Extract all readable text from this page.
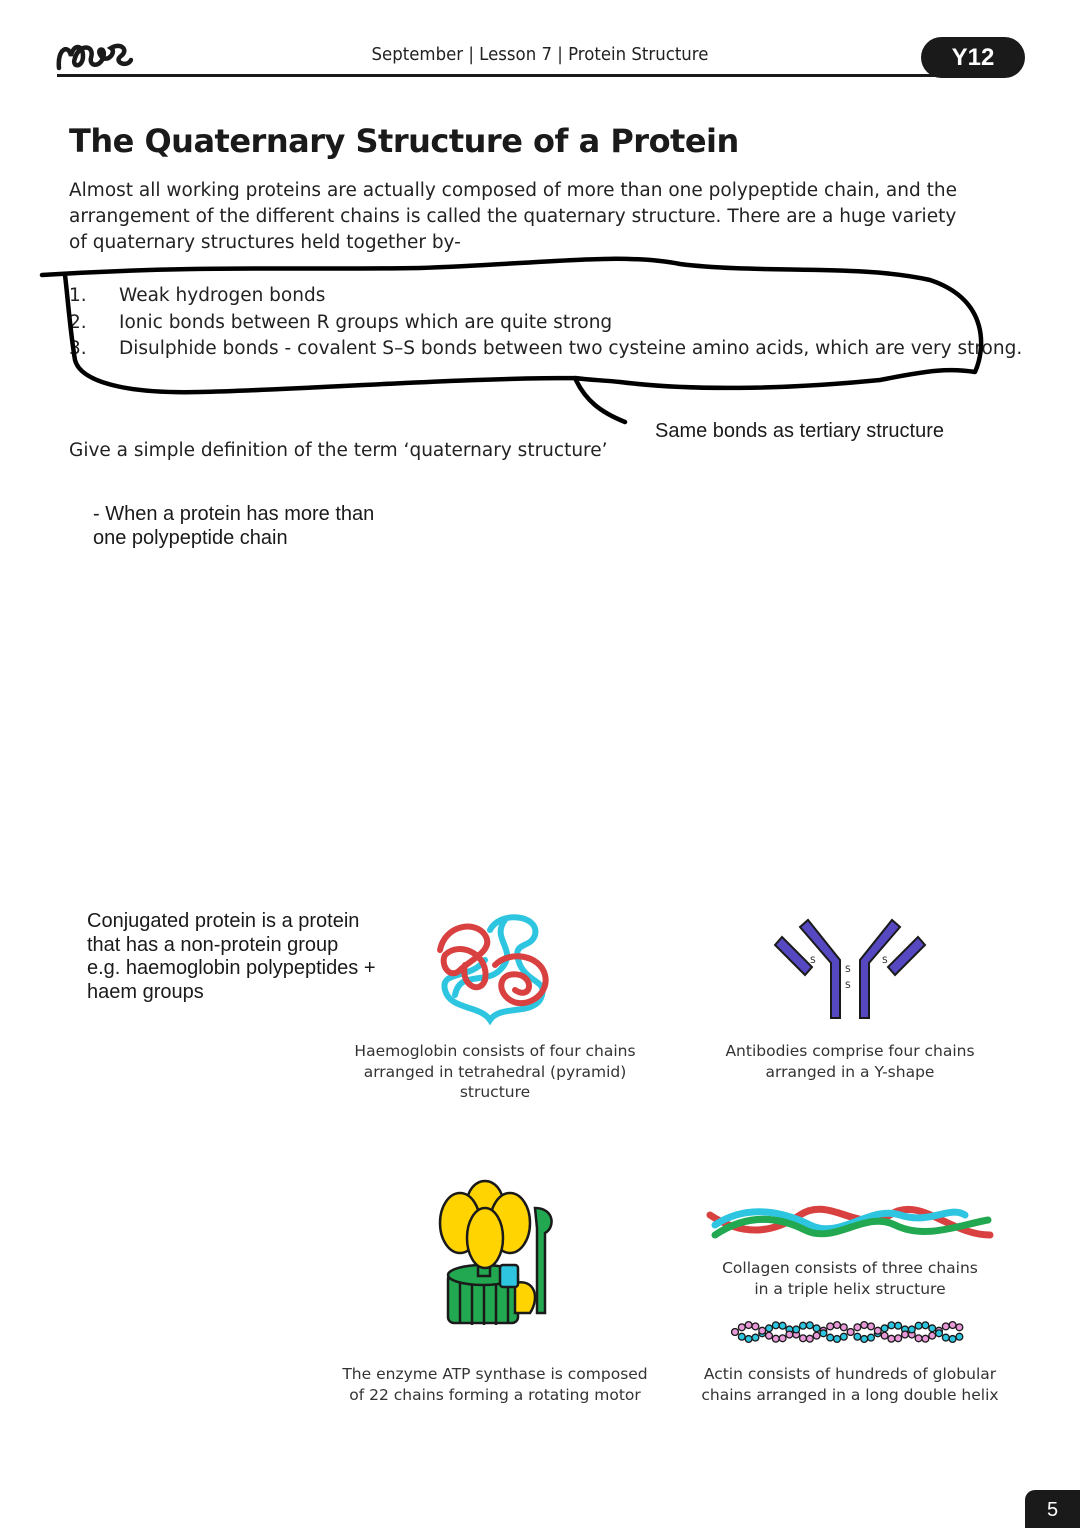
September | Lesson 7 | Protein Structure	Y12
The Quaternary Structure of a Protein
Almost all working proteins are actually composed of more than one polypeptide chain, and the arrangement of the different chains is called the quaternary structure. There are a huge variety of quaternary structures held together by-
1.	Weak hydrogen bonds
2.	Ionic bonds between R groups which are quite strong
3.	Disulphide bonds - covalent S–S bonds between two cysteine amino acids, which are very strong.
Same bonds as tertiary structure
Give a simple definition of the term ‘quaternary structure’
- When a protein has more than
one polypeptide chain
Conjugated protein is a protein
that has a non-protein group
e.g. haemoglobin polypeptides +
haem groups
Haemoglobin consists of four chains
arranged in tetrahedral (pyramid)
structure
S
S
S
S
Antibodies comprise four chains
arranged in a Y-shape
The enzyme ATP synthase is composed
of 22 chains forming a rotating motor
Collagen consists of three chains
in a triple helix structure
Actin consists of hundreds of globular
chains arranged in a long double helix
5
